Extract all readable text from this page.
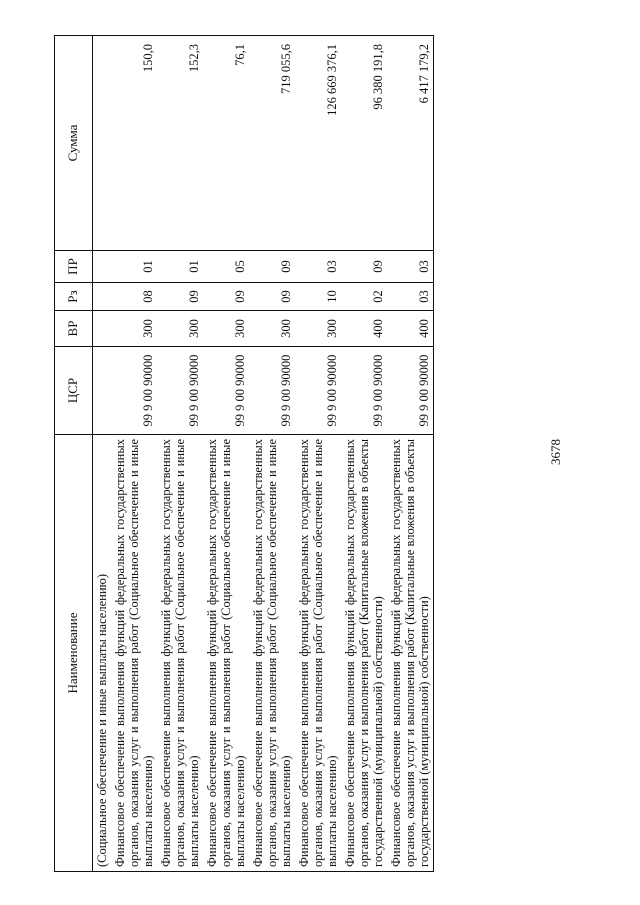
3678
Наименование	ЦСР	ВР	Рз	ПР	Сумма
(Социальное обеспечение и иные выплаты населению)					
Финансовое обеспечение выполнения функций федеральных государственных органов, оказания услуг и выполнения работ (Социальное обеспечение и иные выплаты населению)	99 9 00 90000	300	08	01	150,0
Финансовое обеспечение выполнения функций федеральных государственных органов, оказания услуг и выполнения работ (Социальное обеспечение и иные выплаты населению)	99 9 00 90000	300	09	01	152,3
Финансовое обеспечение выполнения функций федеральных государственных органов, оказания услуг и выполнения работ (Социальное обеспечение и иные выплаты населению)	99 9 00 90000	300	09	05	76,1
Финансовое обеспечение выполнения функций федеральных государственных органов, оказания услуг и выполнения работ (Социальное обеспечение и иные выплаты населению)	99 9 00 90000	300	09	09	719 055,6
Финансовое обеспечение выполнения функций федеральных государственных органов, оказания услуг и выполнения работ (Социальное обеспечение и иные выплаты населению)	99 9 00 90000	300	10	03	126 669 376,1
Финансовое обеспечение выполнения функций федеральных государственных органов, оказания услуг и выполнения работ (Капитальные вложения в объекты государственной (муниципальной) собственности)	99 9 00 90000	400	02	09	96 380 191,8
Финансовое обеспечение выполнения функций федеральных государственных органов, оказания услуг и выполнения работ (Капитальные вложения в объекты государственной (муниципальной) собственности)	99 9 00 90000	400	03	03	6 417 179,2
